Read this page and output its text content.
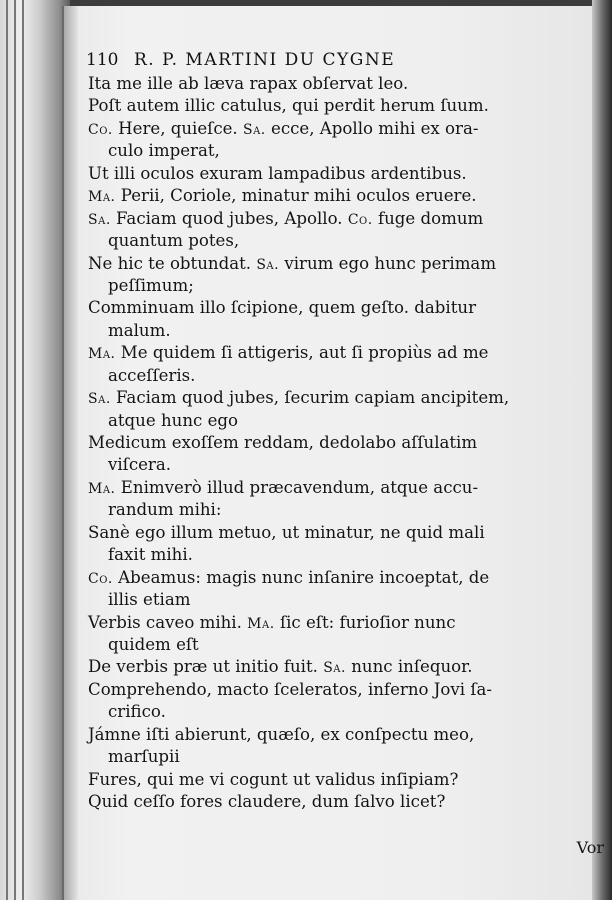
110 R. P. MARTINI DU CYGNE
Ita me ille ab læva rapax obſervat leo.
Poſt autem illic catulus, qui perdit herum ſuum.
Co. Here, quieſce. Sa. ecce, Apollo mihi ex ora-
culo imperat,
Ut illi oculos exuram lampadibus ardentibus.
Ma. Perii, Coriole, minatur mihi oculos eruere.
Sa. Faciam quod jubes, Apollo. Co. fuge domum
quantum potes,
Ne hic te obtundat. Sa. virum ego hunc perimam
peſſimum;
Comminuam illo ſcipione, quem geſto. dabitur
malum.
Ma. Me quidem ſi attigeris, aut ſi propiùs ad me
acceſſeris.
Sa. Faciam quod jubes, ſecurim capiam ancipitem,
atque hunc ego
Medicum exoſſem reddam, dedolabo aſſulatim
viſcera.
Ma. Enimverò illud præcavendum, atque accu-
randum mihi:
Sanè ego illum metuo, ut minatur, ne quid mali
faxit mihi.
Co. Abeamus: magis nunc inſanire incoeptat, de
illis etiam
Verbis caveo mihi. Ma. ſic eſt: furioſior nunc
quidem eſt
De verbis præ ut initio fuit. Sa. nunc inſequor.
Comprehendo, macto ſceleratos, inferno Jovi ſa-
crifico.
Jámne iſti abierunt, quæſo, ex conſpectu meo,
marſupii
Fures, qui me vi cogunt ut validus inſipiam?
Quid ceſſo fores claudere, dum ſalvo licet?
Vor
